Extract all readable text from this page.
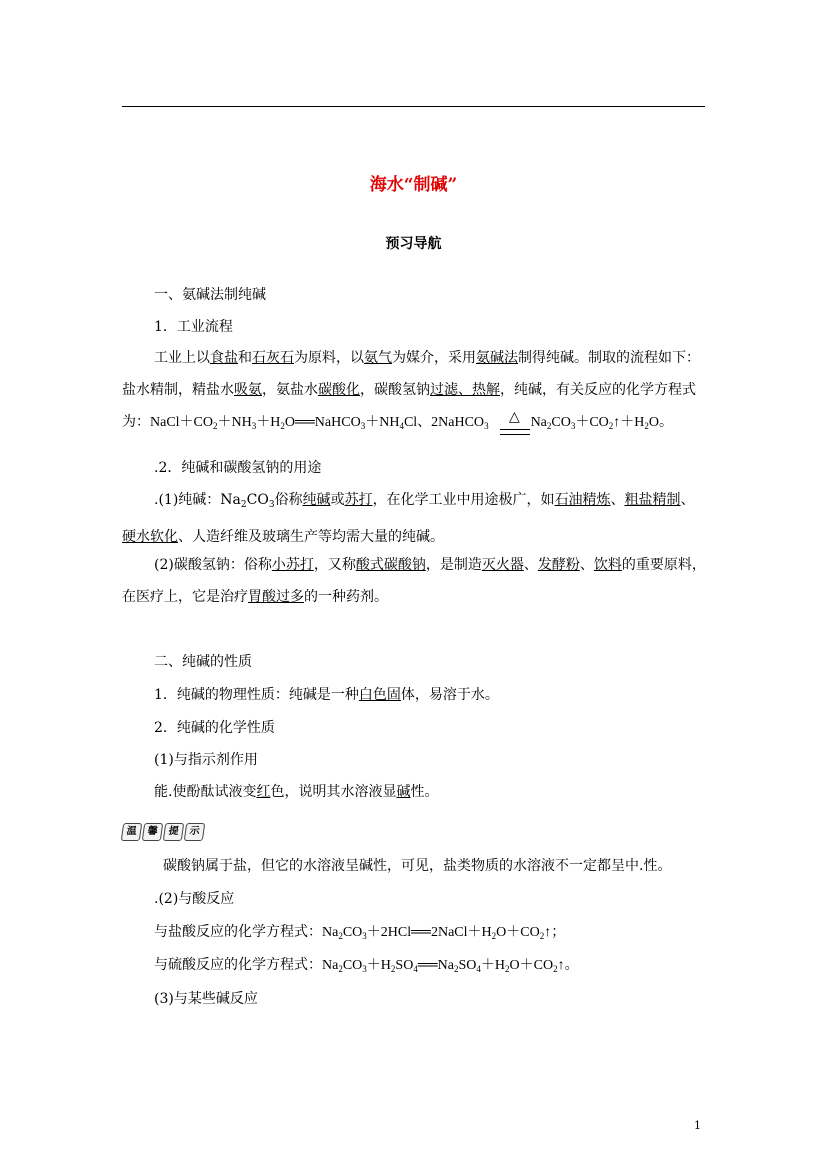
海水“制碱”
预习导航
一、氨碱法制纯碱
1．工业流程
工业上以食盐和石灰石为原料，以氨气为媒介，采用氨碱法制得纯碱。制取的流程如下：盐水精制，精盐水吸氨，氨盐水碳酸化，碳酸氢钠过滤、热解，纯碱，有关反应的化学方程式为：$NaCl+CO_2+NH_3+H_2O══NaHCO_3+NH_4Cl$、2NaHCO$_3$	$Na_2CO_3+CO_2↑+H_2O$。
△
.2．纯碱和碳酸氢钠的用途
.(1)纯碱：$Na_2CO_3$俗称纯碱或苏打，在化学工业中用途极广，如石油精炼、粗盐精制、硬水软化、人造纤维及玻璃生产等均需大量的纯碱。
(2)碳酸氢钠：俗称小苏打，又称酸式碳酸钠，是制造灭火器、发酵粉、饮料的重要原料，在医疗上，它是治疗胃酸过多的一种药剂。
二、纯碱的性质
1．纯碱的物理性质：纯碱是一种白色固体，易溶于水。
2．纯碱的化学性质
(1)与指示剂作用
能.使酚酞试液变红色，说明其水溶液显碱性。
温 馨 提 示
碳酸钠属于盐，但它的水溶液呈碱性，可见，盐类物质的水溶液不一定都呈中.性。
.(2)与酸反应
与盐酸反应的化学方程式：$Na_2CO_3+2HCl══2NaCl+H_2O+CO_2↑$；
与硫酸反应的化学方程式：$Na_2CO_3+H_2SO_4══Na_2SO_4+H_2O+CO_2↑$。
(3)与某些碱反应
1
